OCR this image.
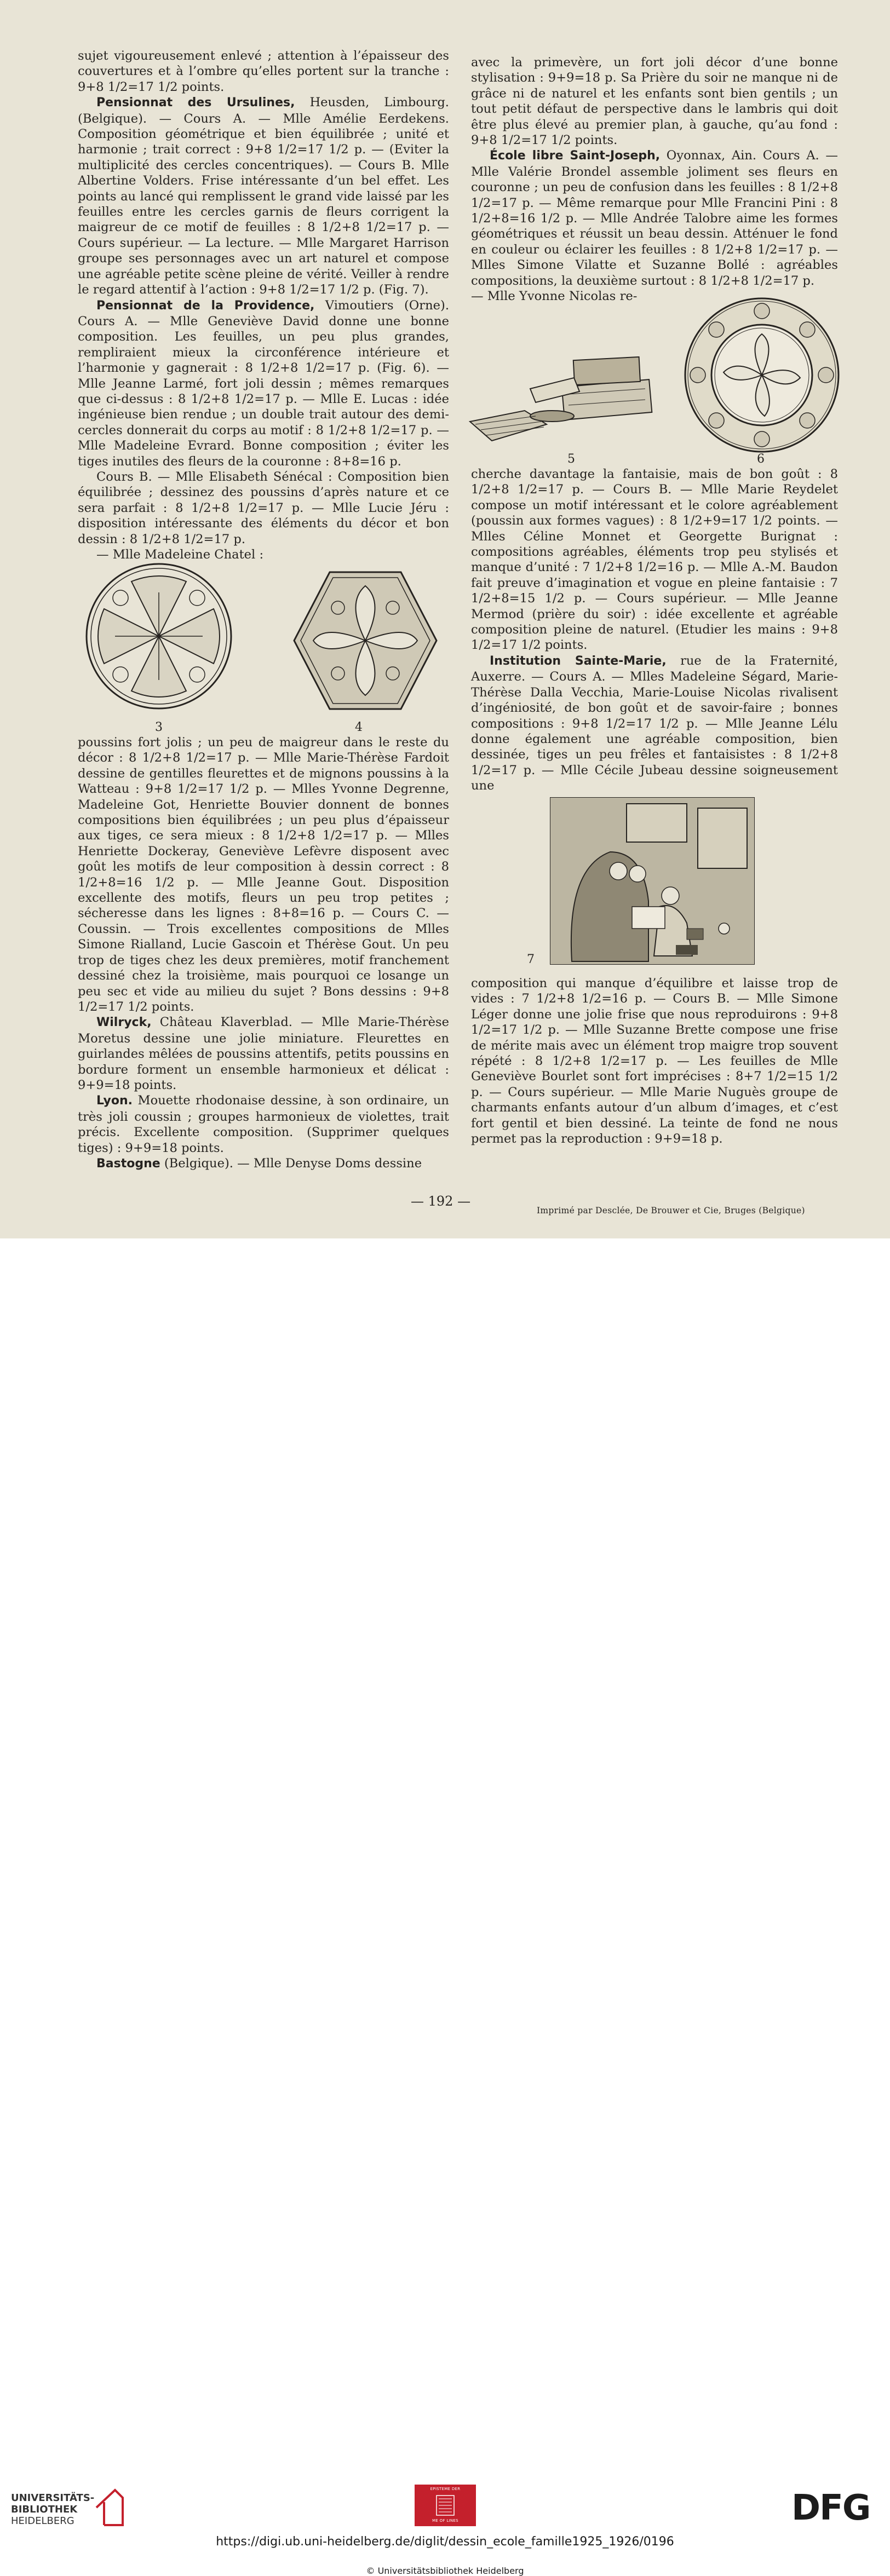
sujet vigoureusement enlevé ; attention à l’épaisseur des couvertures et à l’ombre qu’elles portent sur la tranche : 9+8 1/2=17 1/2 points.

Pensionnat des Ursulines, Heusden, Limbourg. (Belgique). — Cours A. — Mlle Amélie Eerdekens. Composition géométrique et bien équilibrée ; unité et harmonie ; trait correct : 9+8 1/2=17 1/2 p. — (Eviter la multiplicité des cercles concentriques). — Cours B. Mlle Albertine Volders. Frise intéressante d’un bel effet. Les points au lancé qui remplissent le grand vide laissé par les feuilles entre les cercles garnis de fleurs corrigent la maigreur de ce motif de feuilles : 8 1/2+8 1/2=17 p. — Cours supérieur. — La lecture. — Mlle Margaret Harrison groupe ses personnages avec un art naturel et compose une agréable petite scène pleine de vérité. Veiller à rendre le regard attentif à l’action : 9+8 1/2=17 1/2 p. (Fig. 7).

Pensionnat de la Providence, Vimoutiers (Orne). Cours A. — Mlle Geneviève David donne une bonne composition. Les feuilles, un peu plus grandes, rempliraient mieux la circonférence intérieure et l’harmonie y gagnerait : 8 1/2+8 1/2=17 p. (Fig. 6). — Mlle Jeanne Larmé, fort joli dessin ; mêmes remarques que ci-dessus : 8 1/2+8 1/2=17 p. — Mlle E. Lucas : idée ingénieuse bien rendue ; un double trait autour des demi-cercles donnerait du corps au motif : 8 1/2+8 1/2=17 p. — Mlle Madeleine Evrard. Bonne composition ; éviter les tiges inutiles des fleurs de la couronne : 8+8=16 p.

Cours B. — Mlle Elisabeth Sénécal : Composition bien équilibrée ; dessinez des poussins d’après nature et ce sera parfait : 8 1/2+8 1/2=17 p. — Mlle Lucie Jéru : disposition intéressante des éléments du décor et bon dessin : 8 1/2+8 1/2=17 p.

— Mlle Madeleine Chatel :

3	4

poussins fort jolis ; un peu de maigreur dans le reste du décor : 8 1/2+8 1/2=17 p. — Mlle Marie-Thérèse Fardoit dessine de gentilles fleurettes et de mignons poussins à la Watteau : 9+8 1/2=17 1/2 p. — Mlles Yvonne Degrenne, Madeleine Got, Henriette Bouvier donnent de bonnes compositions bien équilibrées ; un peu plus d’épaisseur aux tiges, ce sera mieux : 8 1/2+8 1/2=17 p. — Mlles Henriette Dockeray, Geneviève Lefèvre disposent avec goût les motifs de leur composition à dessin correct : 8 1/2+8=16 1/2 p. — Mlle Jeanne Gout. Disposition excellente des motifs, fleurs un peu trop petites ; sécheresse dans les lignes : 8+8=16 p. — Cours C. — Coussin. — Trois excellentes compositions de Mlles Simone Rialland, Lucie Gascoin et Thérèse Gout. Un peu trop de tiges chez les deux premières, motif franchement dessiné chez la troisième, mais pourquoi ce losange un peu sec et vide au milieu du sujet ? Bons dessins : 9+8 1/2=17 1/2 points.

Wilryck, Château Klaverblad. — Mlle Marie-Thérèse Moretus dessine une jolie miniature. Fleurettes en guirlandes mêlées de poussins attentifs, petits poussins en bordure forment un ensemble harmonieux et délicat : 9+9=18 points.

Lyon. Mouette rhodonaise dessine, à son ordinaire, un très joli coussin ; groupes harmonieux de violettes, trait précis. Excellente composition. (Supprimer quelques tiges) : 9+9=18 points.

Bastogne (Belgique). — Mlle Denyse Doms dessine

avec la primevère, un fort joli décor d’une bonne stylisation : 9+9=18 p. Sa Prière du soir ne manque ni de grâce ni de naturel et les enfants sont bien gentils ; un tout petit défaut de perspective dans le lambris qui doit être plus élevé au premier plan, à gauche, qu’au fond : 9+8 1/2=17 1/2 points.

École libre Saint-Joseph, Oyonnax, Ain. Cours A. — Mlle Valérie Brondel assemble joliment ses fleurs en couronne ; un peu de confusion dans les feuilles : 8 1/2+8 1/2=17 p. — Même remarque pour Mlle Francini Pini : 8 1/2+8=16 1/2 p. — Mlle Andrée Talobre aime les formes géométriques et réussit un beau dessin. Atténuer le fond en couleur ou éclairer les feuilles : 8 1/2+8 1/2=17 p. — Mlles Simone Vilatte et Suzanne Bollé : agréables compositions, la deuxième surtout : 8 1/2+8 1/2=17 p.

— Mlle Yvonne Nicolas re-

5	6

cherche davantage la fantaisie, mais de bon goût : 8 1/2+8 1/2=17 p. — Cours B. — Mlle Marie Reydelet compose un motif intéressant et le colore agréablement (poussin aux formes vagues) : 8 1/2+9=17 1/2 points. — Mlles Céline Monnet et Georgette Burignat : compositions agréables, éléments trop peu stylisés et manque d’unité : 7 1/2+8 1/2=16 p. — Mlle A.-M. Baudon fait preuve d’imagination et vogue en pleine fantaisie : 7 1/2+8=15 1/2 p. — Cours supérieur. — Mlle Jeanne Mermod (prière du soir) : idée excellente et agréable composition pleine de naturel. (Etudier les mains : 9+8 1/2=17 1/2 points.

Institution Sainte-Marie, rue de la Fraternité, Auxerre. — Cours A. — Mlles Madeleine Ségard, Marie-Thérèse Dalla Vecchia, Marie-Louise Nicolas rivalisent d’ingéniosité, de bon goût et de savoir-faire ; bonnes compositions : 9+8 1/2=17 1/2 p. — Mlle Jeanne Lélu donne également une agréable composition, bien dessinée, tiges un peu frêles et fantaisistes : 8 1/2+8 1/2=17 p. — Mlle Cécile Jubeau dessine soigneusement une

7

composition qui manque d’équilibre et laisse trop de vides : 7 1/2+8 1/2=16 p. — Cours B. — Mlle Simone Léger donne une jolie frise que nous reproduirons : 9+8 1/2=17 1/2 p. — Mlle Suzanne Brette compose une frise de mérite mais avec un élément trop maigre trop souvent répété : 8 1/2+8 1/2=17 p. — Les feuilles de Mlle Geneviève Bourlet sont fort imprécises : 8+7 1/2=15 1/2 p. — Cours supérieur. — Mlle Marie Nuguès groupe de charmants enfants autour d’un album d’images, et c’est fort gentil et bien dessiné. La teinte de fond ne nous permet pas la reproduction : 9+9=18 p.

— 192 —
Imprimé par Desclée, De Brouwer et Cie, Bruges (Belgique)
UNIVERSITÄTS-
BIBLIOTHEK
HEIDELBERG
EPISTEME DER
ME OF LINES	DFG
https://digi.ub.uni-heidelberg.de/diglit/dessin_ecole_famille1925_1926/0196
© Universitätsbibliothek Heidelberg
